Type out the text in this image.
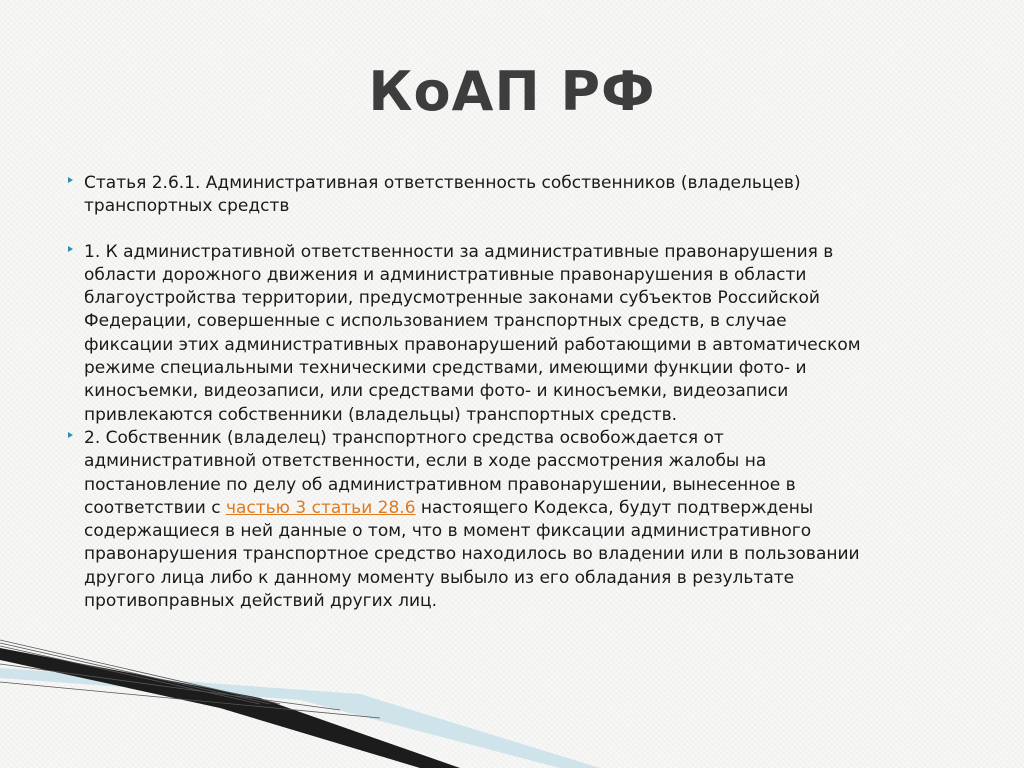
КоАП РФ
Статья 2.6.1. Административная ответственность собственников (владельцев)
транспортных средств
1. К административной ответственности за административные правонарушения в
области дорожного движения и административные правонарушения в области
благоустройства территории, предусмотренные законами субъектов Российской
Федерации, совершенные с использованием транспортных средств, в случае
фиксации этих административных правонарушений работающими в автоматическом
режиме специальными техническими средствами, имеющими функции фото- и
киносъемки, видеозаписи, или средствами фото- и киносъемки, видеозаписи
привлекаются собственники (владельцы) транспортных средств.
2. Собственник (владелец) транспортного средства освобождается от
административной ответственности, если в ходе рассмотрения жалобы на
постановление по делу об административном правонарушении, вынесенное в
соответствии с частью 3 статьи 28.6 настоящего Кодекса, будут подтверждены
содержащиеся в ней данные о том, что в момент фиксации административного
правонарушения транспортное средство находилось во владении или в пользовании
другого лица либо к данному моменту выбыло из его обладания в результате
противоправных действий других лиц.
